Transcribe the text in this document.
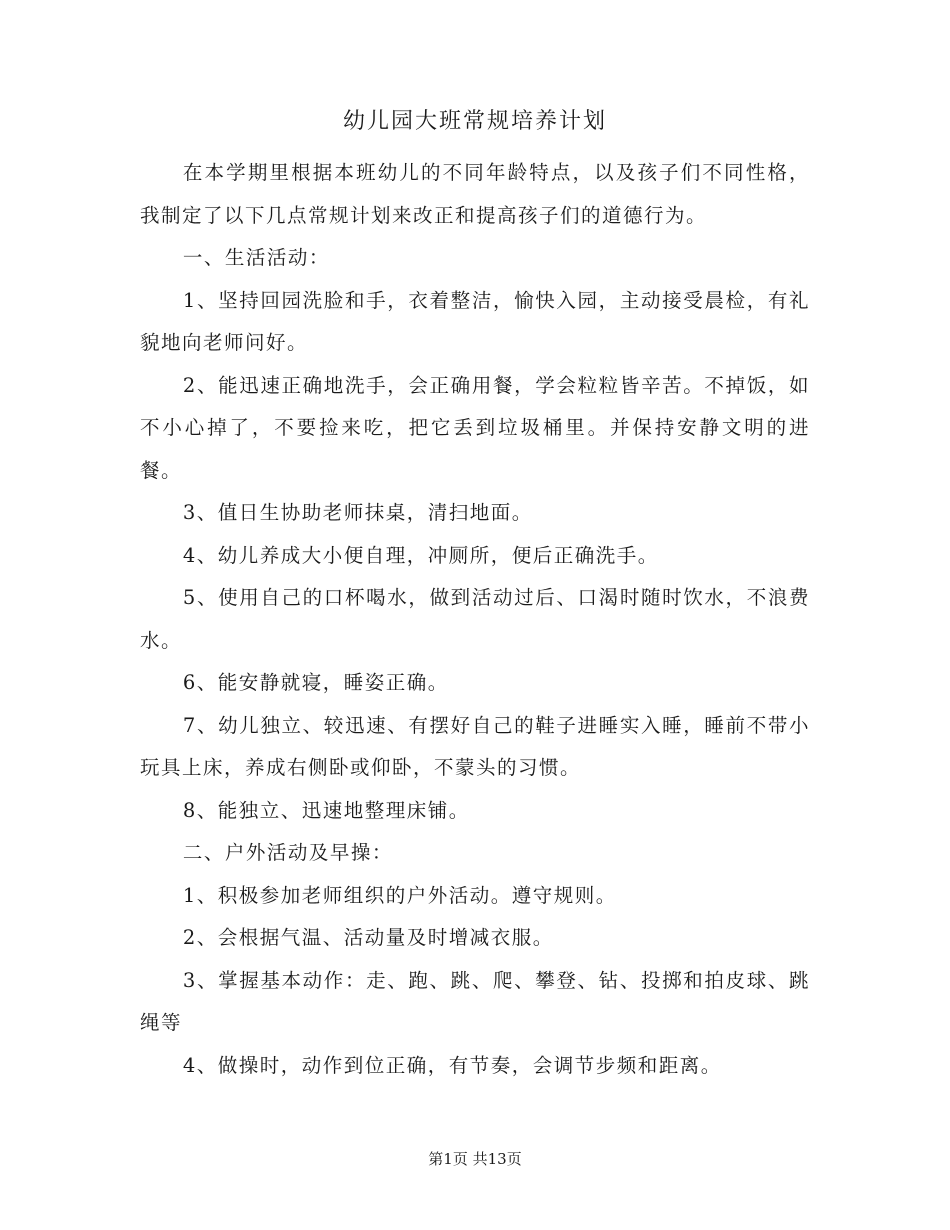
幼儿园大班常规培养计划

在本学期里根据本班幼儿的不同年龄特点，以及孩子们不同性格，我制定了以下几点常规计划来改正和提高孩子们的道德行为。

一、生活活动：

1、坚持回园洗脸和手，衣着整洁，愉快入园，主动接受晨检，有礼貌地向老师问好。

2、能迅速正确地洗手，会正确用餐，学会粒粒皆辛苦。不掉饭，如不小心掉了，不要捡来吃，把它丢到垃圾桶里。并保持安静文明的进餐。

3、值日生协助老师抹桌，清扫地面。

4、幼儿养成大小便自理，冲厕所，便后正确洗手。

5、使用自己的口杯喝水，做到活动过后、口渴时随时饮水，不浪费水。

6、能安静就寝，睡姿正确。

7、幼儿独立、较迅速、有摆好自己的鞋子进睡实入睡，睡前不带小玩具上床，养成右侧卧或仰卧，不蒙头的习惯。

8、能独立、迅速地整理床铺。

二、户外活动及早操：

1、积极参加老师组织的户外活动。遵守规则。

2、会根据气温、活动量及时增减衣服。

3、掌握基本动作：走、跑、跳、爬、攀登、钻、投掷和拍皮球、跳绳等

4、做操时，动作到位正确，有节奏，会调节步频和距离。

第1页 共13页
